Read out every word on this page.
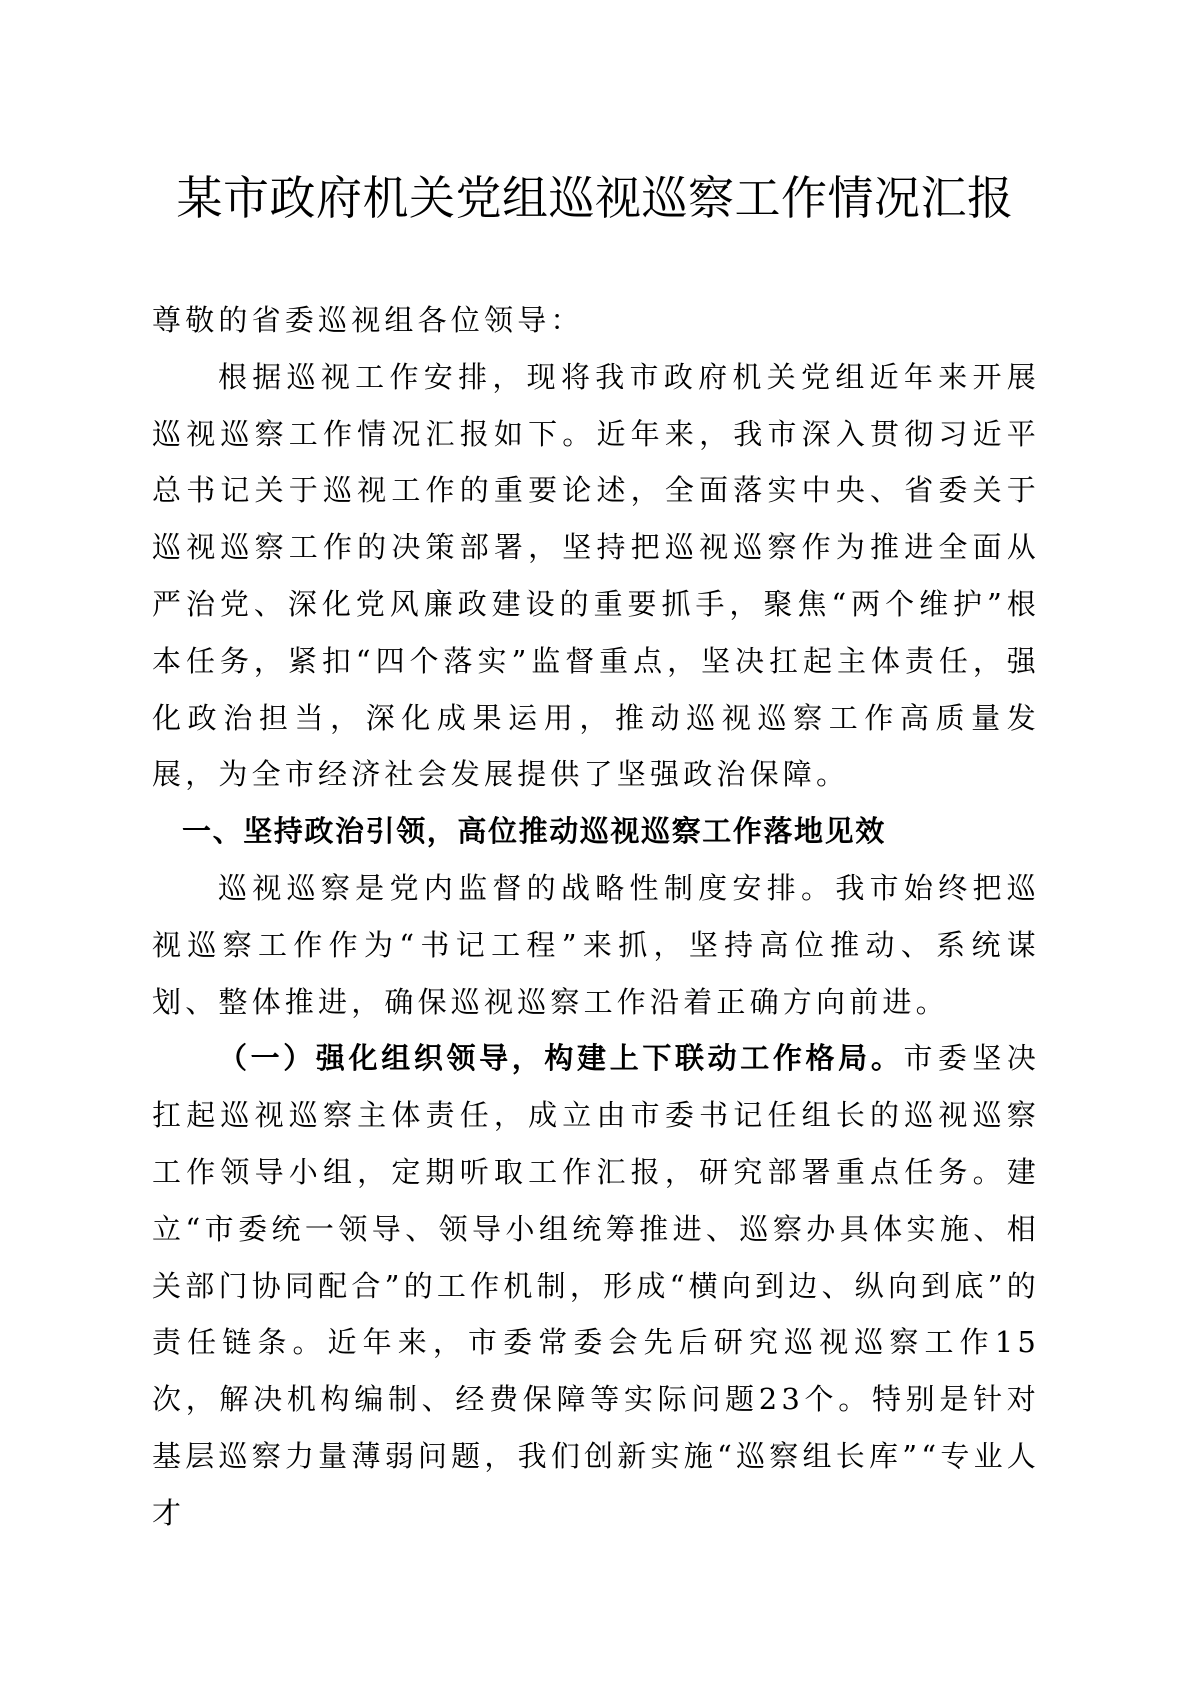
某市政府机关党组巡视巡察工作情况汇报

尊敬的省委巡视组各位领导：

根据巡视工作安排，现将我市政府机关党组近年来开展巡视巡察工作情况汇报如下。近年来，我市深入贯彻习近平总书记关于巡视工作的重要论述，全面落实中央、省委关于巡视巡察工作的决策部署，坚持把巡视巡察作为推进全面从严治党、深化党风廉政建设的重要抓手，聚焦“两个维护”根本任务，紧扣“四个落实”监督重点，坚决扛起主体责任，强化政治担当，深化成果运用，推动巡视巡察工作高质量发展，为全市经济社会发展提供了坚强政治保障。

一、坚持政治引领，高位推动巡视巡察工作落地见效

巡视巡察是党内监督的战略性制度安排。我市始终把巡视巡察工作作为“书记工程”来抓，坚持高位推动、系统谋划、整体推进，确保巡视巡察工作沿着正确方向前进。

（一）强化组织领导，构建上下联动工作格局。市委坚决扛起巡视巡察主体责任，成立由市委书记任组长的巡视巡察工作领导小组，定期听取工作汇报，研究部署重点任务。建立“市委统一领导、领导小组统筹推进、巡察办具体实施、相关部门协同配合”的工作机制，形成“横向到边、纵向到底”的责任链条。近年来，市委常委会先后研究巡视巡察工作15次，解决机构编制、经费保障等实际问题23个。特别是针对基层巡察力量薄弱问题，我们创新实施“巡察组长库”“专业人才
